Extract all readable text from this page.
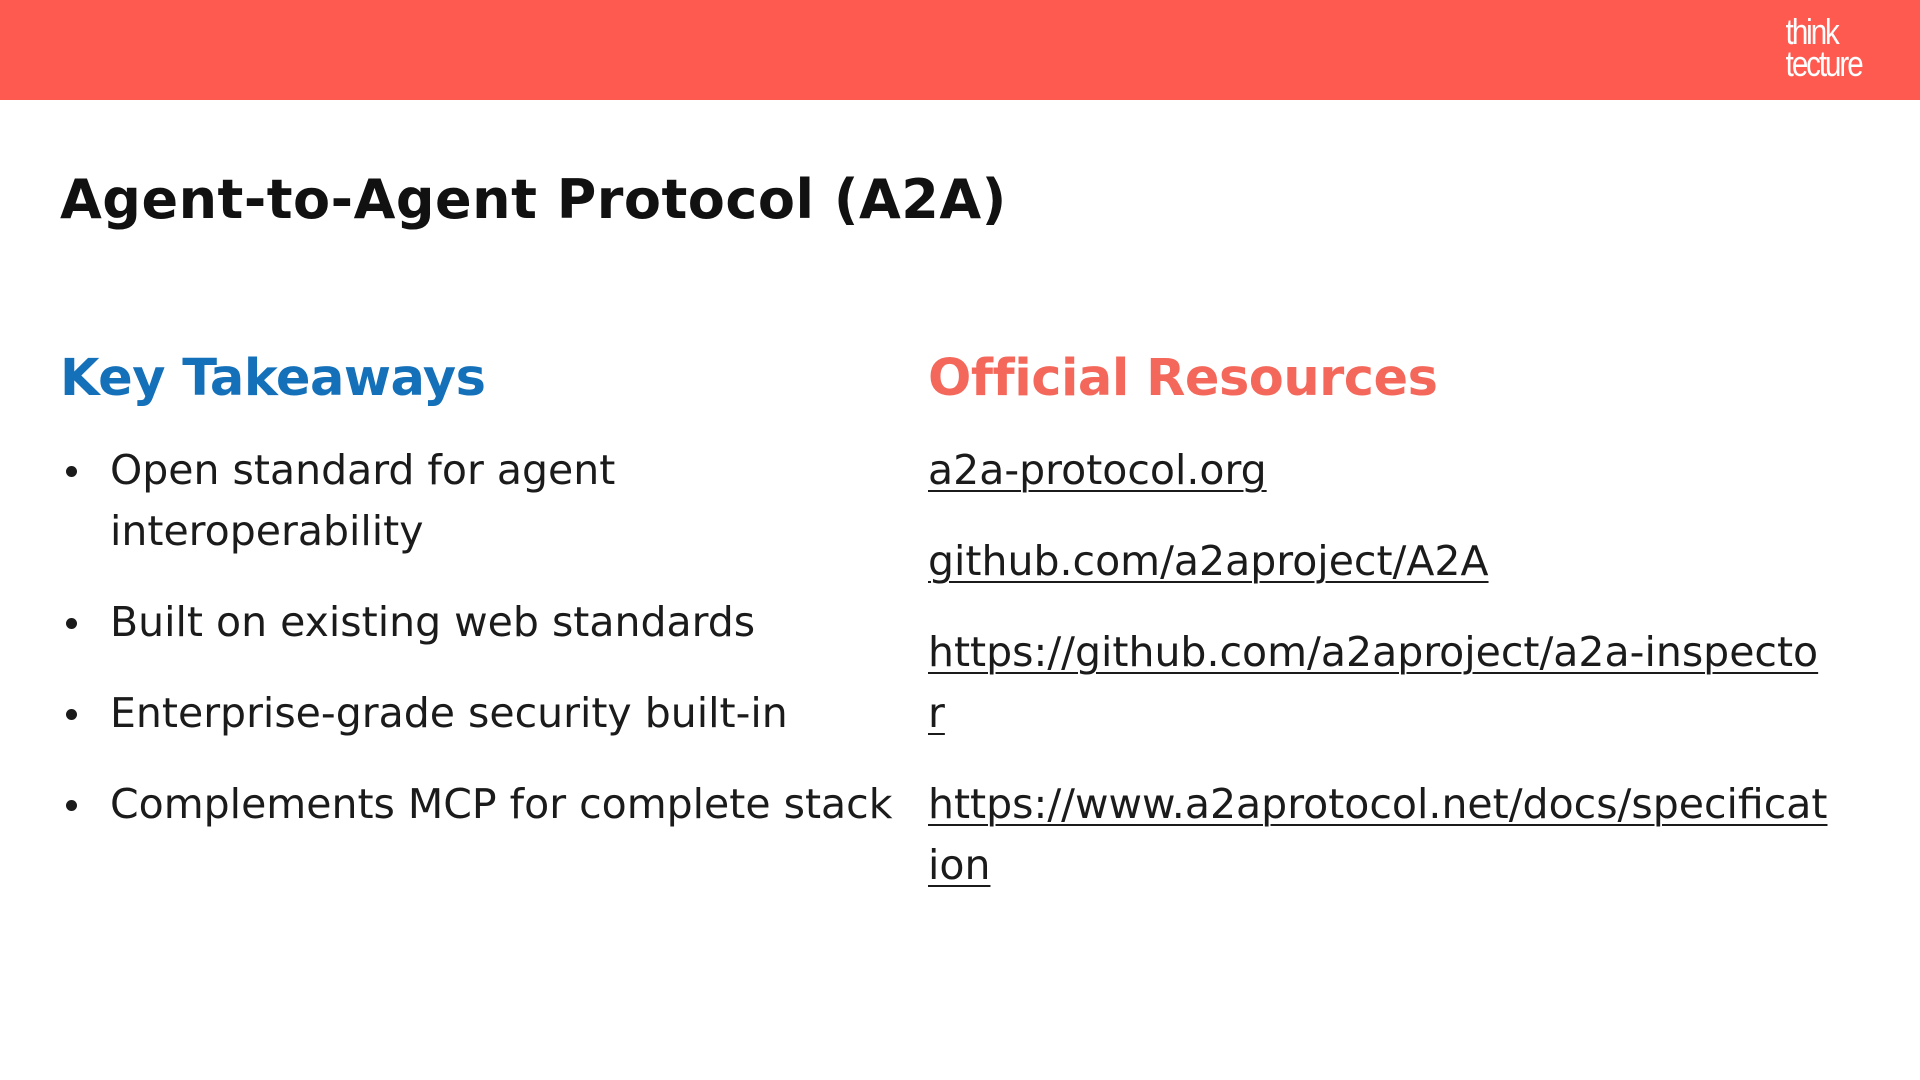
think
tecture
Agent-to-Agent Protocol (A2A)
Key Takeaways
Open standard for agent interoperability
Built on existing web standards
Enterprise-grade security built-in
Complements MCP for complete stack
Official Resources
a2a-protocol.org
github.com/a2aproject/A2A
https://github.com/a2aproject/a2a-inspector
https://www.a2aprotocol.net/docs/specification
